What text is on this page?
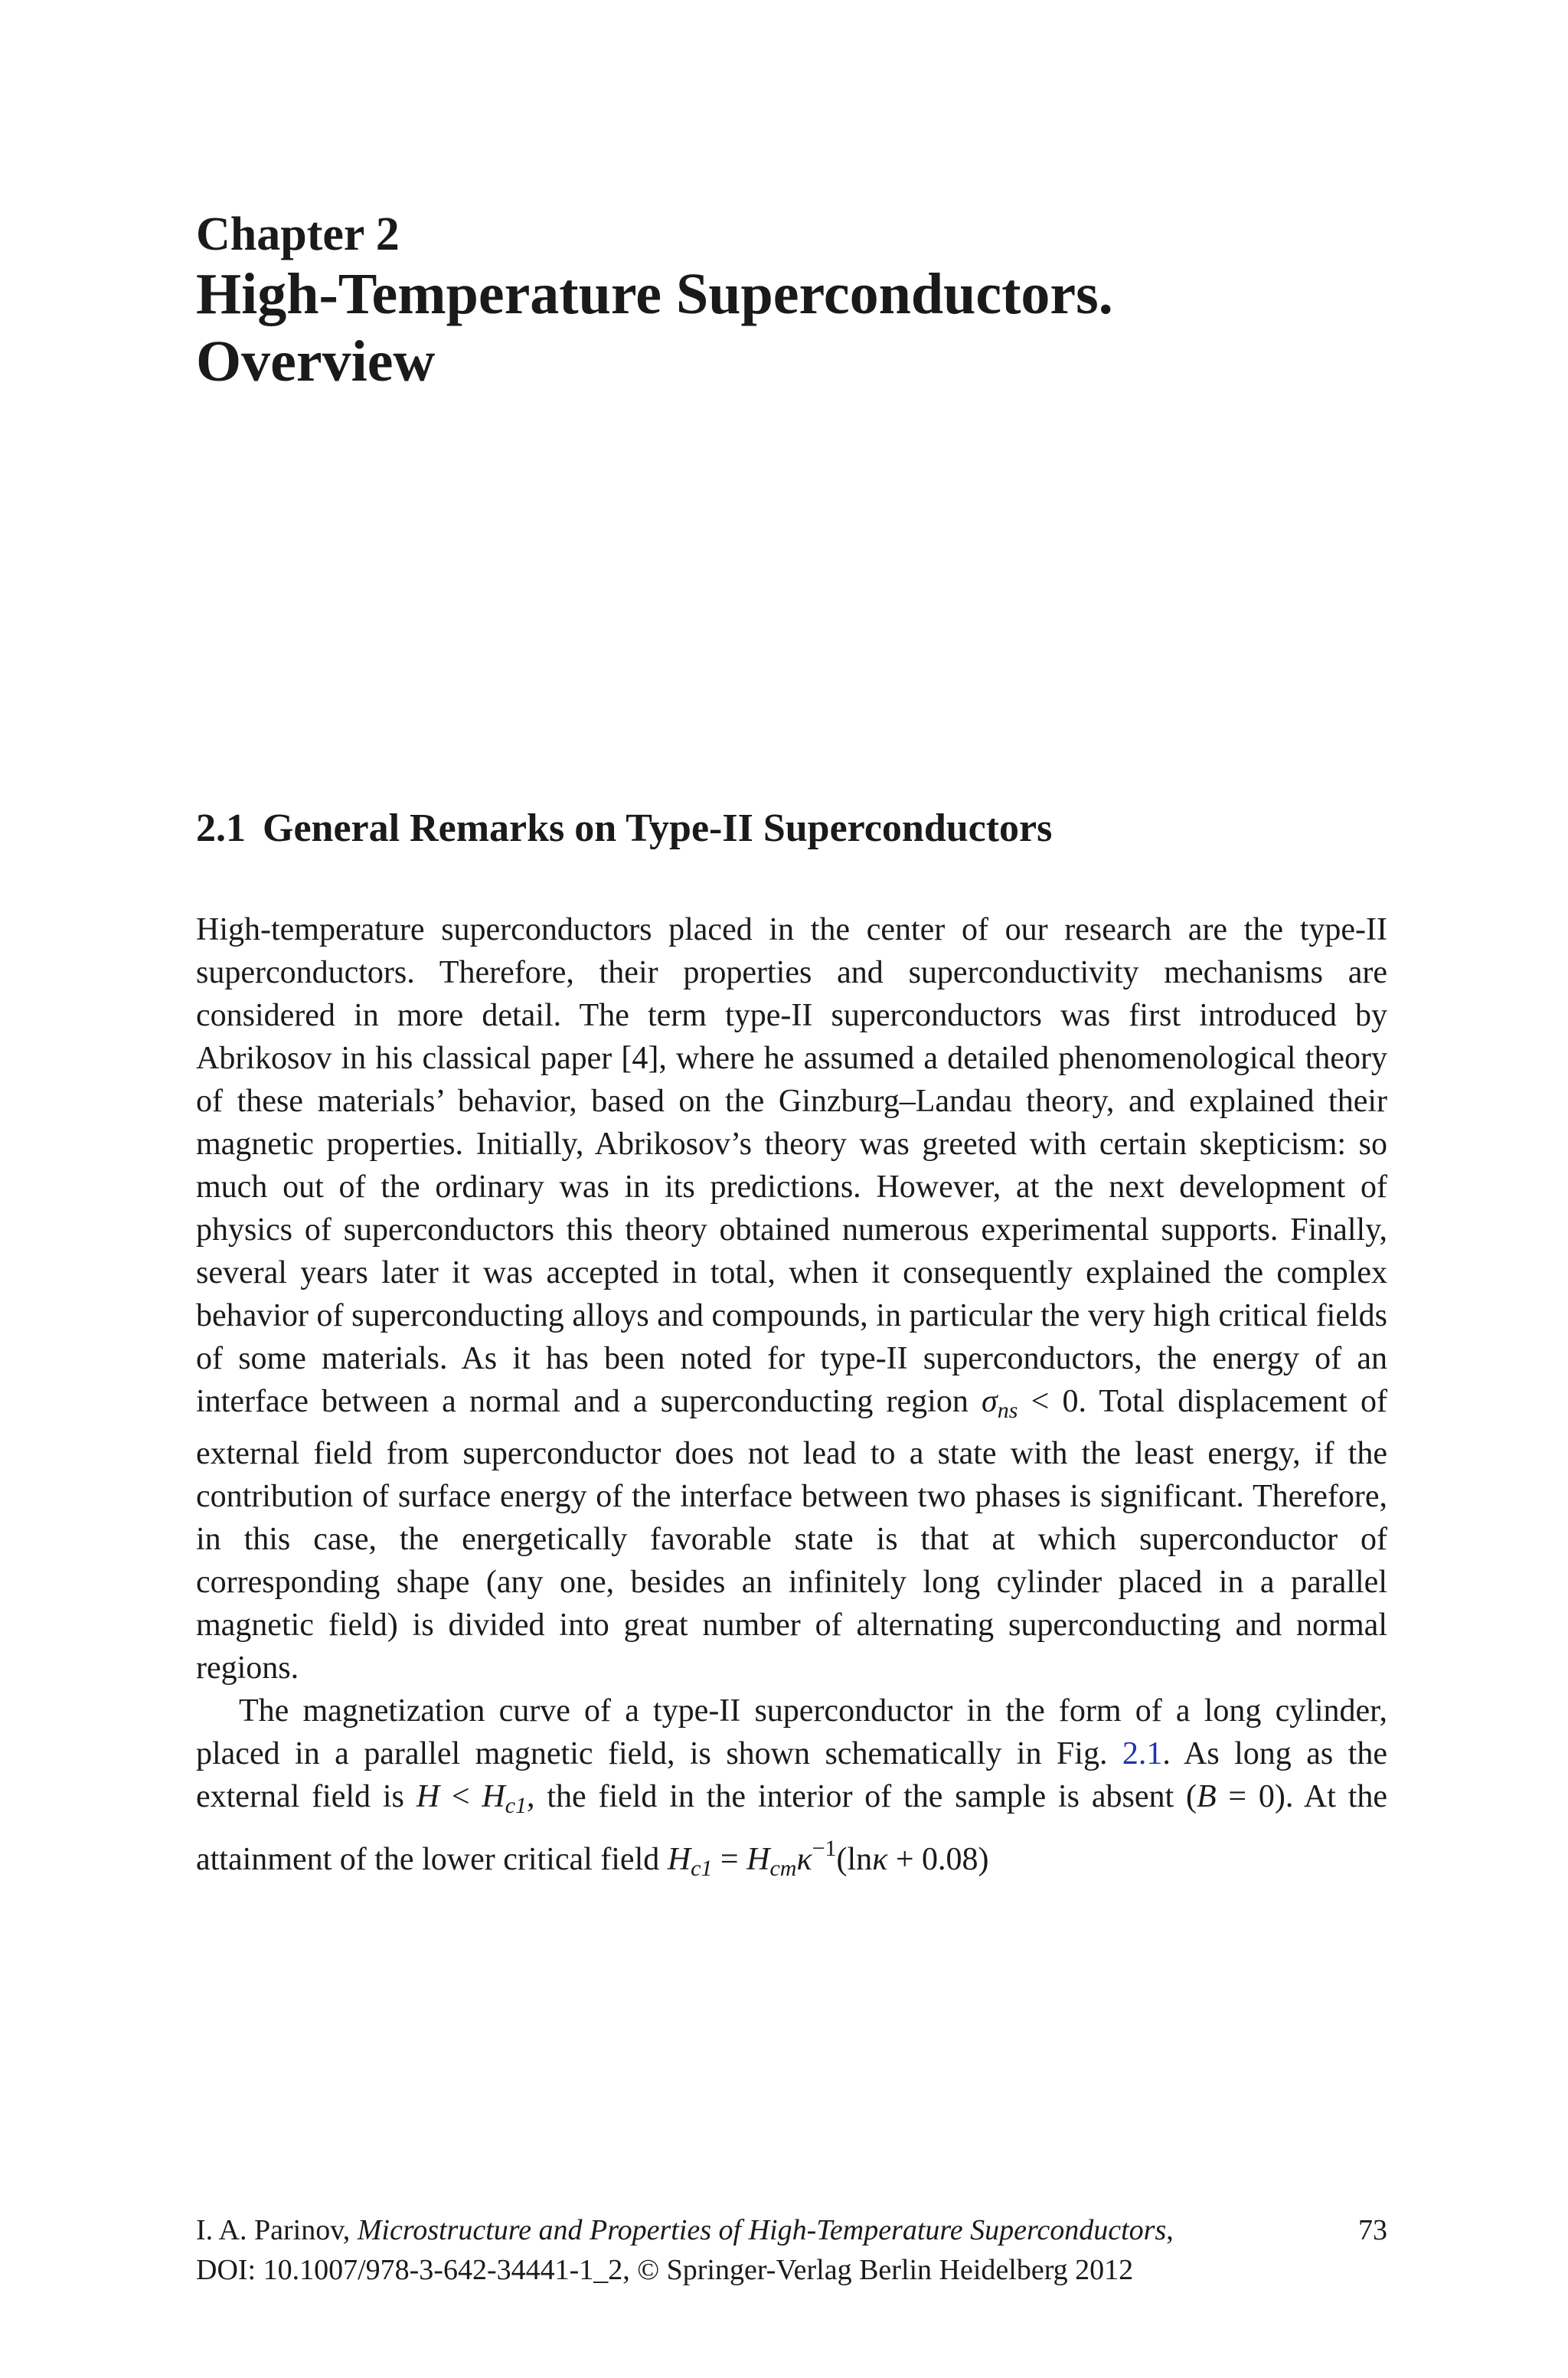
Chapter 2
High-Temperature Superconductors.
Overview
2.1 General Remarks on Type-II Superconductors

High-temperature superconductors placed in the center of our research are the type-II superconductors. Therefore, their properties and superconductivity mechanisms are considered in more detail. The term type-II superconductors was first introduced by Abrikosov in his classical paper [4], where he assumed a detailed phenomenological theory of these materials’ behavior, based on the Ginzburg–Landau theory, and explained their magnetic properties. Initially, Abrikosov’s theory was greeted with certain skepticism: so much out of the ordinary was in its predictions. However, at the next development of physics of superconductors this theory obtained numerous experimental supports. Finally, several years later it was accepted in total, when it consequently explained the complex behavior of superconducting alloys and compounds, in particular the very high critical fields of some materials. As it has been noted for type-II superconductors, the energy of an interface between a normal and a superconducting region $\sigma_{ns} < 0$. Total displacement of external field from superconductor does not lead to a state with the least energy, if the contribution of surface energy of the interface between two phases is significant. Therefore, in this case, the energetically favorable state is that at which superconductor of corresponding shape (any one, besides an infinitely long cylinder placed in a parallel magnetic field) is divided into great number of alternating superconducting and normal regions.

The magnetization curve of a type-II superconductor in the form of a long cylinder, placed in a parallel magnetic field, is shown schematically in Fig. 2.1. As long as the external field is $H < H_{c1}$, the field in the interior of the sample is absent (B = 0). At the attainment of the lower critical field $H_{c1} = H_{cm}\kappa^{-1}(\ln\kappa + 0.08)$

I. A. Parinov, Microstructure and Properties of High-Temperature Superconductors,	73
DOI: 10.1007/978-3-642-34441-1_2, © Springer-Verlag Berlin Heidelberg 2012
